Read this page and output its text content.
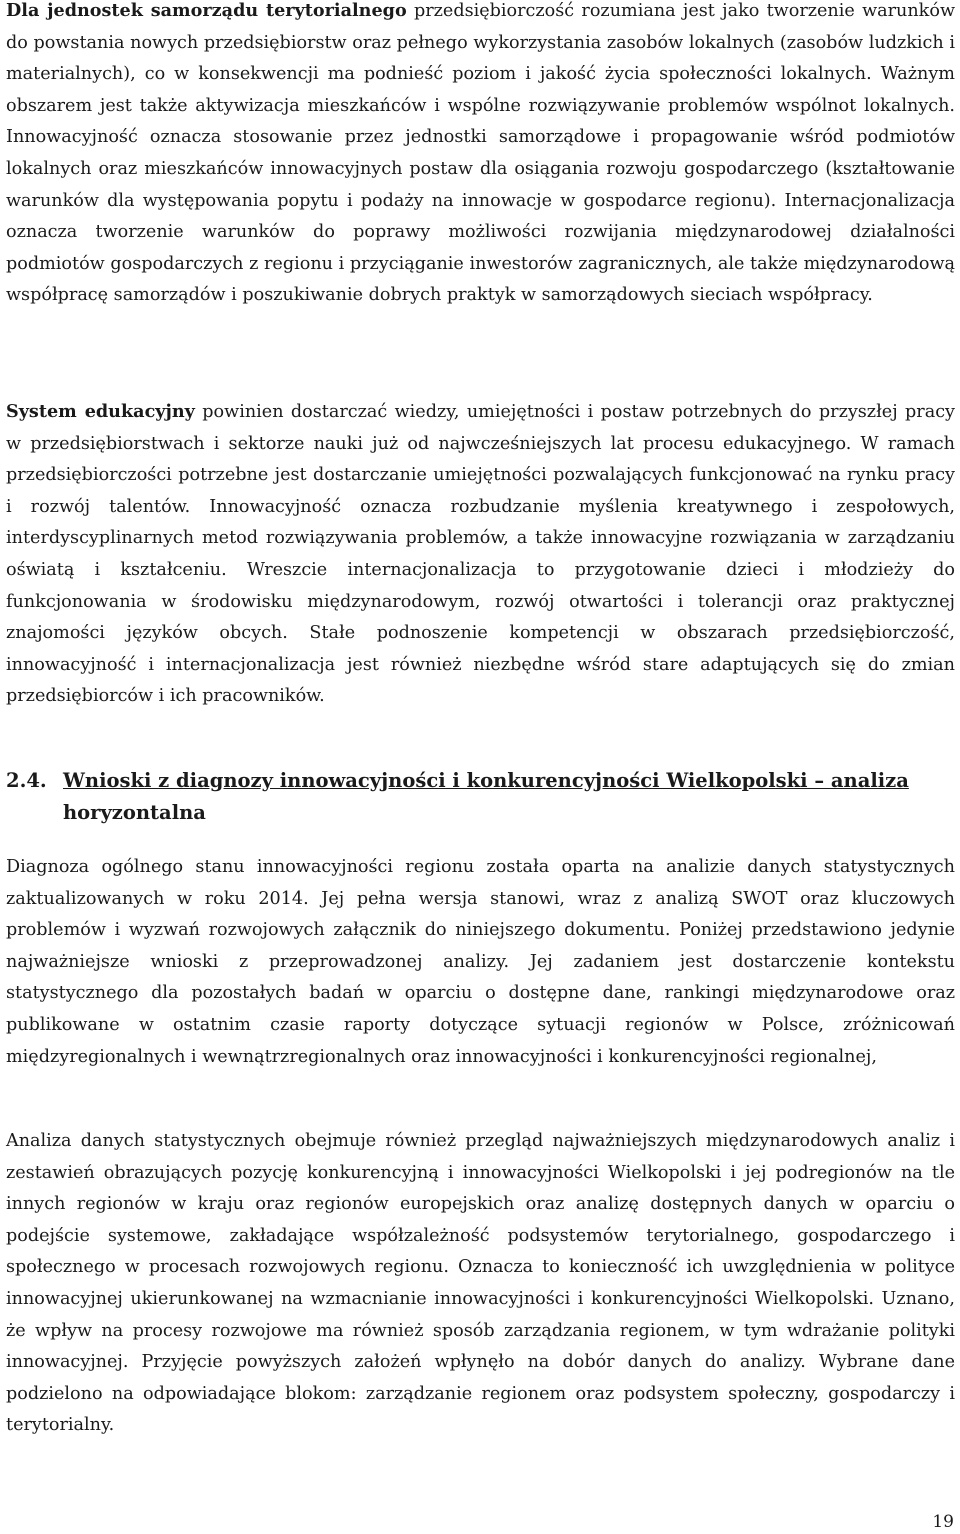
Dla jednostek samorządu terytorialnego przedsiębiorczość rozumiana jest jako tworzenie warunków do powstania nowych przedsiębiorstw oraz pełnego wykorzystania zasobów lokalnych (zasobów ludzkich i materialnych), co w konsekwencji ma podnieść poziom i jakość życia społeczności lokalnych. Ważnym obszarem jest także aktywizacja mieszkańców i wspólne rozwiązywanie problemów wspólnot lokalnych. Innowacyjność oznacza stosowanie przez jednostki samorządowe i propagowanie wśród podmiotów lokalnych oraz mieszkańców innowacyjnych postaw dla osiągania rozwoju gospodarczego (kształtowanie warunków dla występowania popytu i podaży na innowacje w gospodarce regionu). Internacjonalizacja oznacza tworzenie warunków do poprawy możliwości rozwijania międzynarodowej działalności podmiotów gospodarczych z regionu i przyciąganie inwestorów zagranicznych, ale także międzynarodową współpracę samorządów i poszukiwanie dobrych praktyk w samorządowych sieciach współpracy.

System edukacyjny powinien dostarczać wiedzy, umiejętności i postaw potrzebnych do przyszłej pracy w przedsiębiorstwach i sektorze nauki już od najwcześniejszych lat procesu edukacyjnego. W ramach przedsiębiorczości potrzebne jest dostarczanie umiejętności pozwalających funkcjonować na rynku pracy i rozwój talentów. Innowacyjność oznacza rozbudzanie myślenia kreatywnego i zespołowych, interdyscyplinarnych metod rozwiązywania problemów, a także innowacyjne rozwiązania w zarządzaniu oświatą i kształceniu. Wreszcie internacjonalizacja to przygotowanie dzieci i młodzieży do funkcjonowania w środowisku międzynarodowym, rozwój otwartości i tolerancji oraz praktycznej znajomości języków obcych. Stałe podnoszenie kompetencji w obszarach przedsiębiorczość, innowacyjność i internacjonalizacja jest również niezbędne wśród stare adaptujących się do zmian przedsiębiorców i ich pracowników.

2.4. Wnioski z diagnozy innowacyjności i konkurencyjności Wielkopolski – analiza
horyzontalna

Diagnoza ogólnego stanu innowacyjności regionu została oparta na analizie danych statystycznych zaktualizowanych w roku 2014. Jej pełna wersja stanowi, wraz z analizą SWOT oraz kluczowych problemów i wyzwań rozwojowych załącznik do niniejszego dokumentu. Poniżej przedstawiono jedynie najważniejsze wnioski z przeprowadzonej analizy. Jej zadaniem jest dostarczenie kontekstu statystycznego dla pozostałych badań w oparciu o dostępne dane, rankingi międzynarodowe oraz publikowane w ostatnim czasie raporty dotyczące sytuacji regionów w Polsce, zróżnicowań międzyregionalnych i wewnątrzregionalnych oraz innowacyjności i konkurencyjności regionalnej,

Analiza danych statystycznych obejmuje również przegląd najważniejszych międzynarodowych analiz i zestawień obrazujących pozycję konkurencyjną i innowacyjności Wielkopolski i jej podregionów na tle innych regionów w kraju oraz regionów europejskich oraz analizę dostępnych danych w oparciu o podejście systemowe, zakładające współzależność podsystemów terytorialnego, gospodarczego i społecznego w procesach rozwojowych regionu. Oznacza to konieczność ich uwzględnienia w polityce innowacyjnej ukierunkowanej na wzmacnianie innowacyjności i konkurencyjności Wielkopolski. Uznano, że wpływ na procesy rozwojowe ma również sposób zarządzania regionem, w tym wdrażanie polityki innowacyjnej. Przyjęcie powyższych założeń wpłynęło na dobór danych do analizy. Wybrane dane podzielono na odpowiadające blokom: zarządzanie regionem oraz podsystem społeczny, gospodarczy i terytorialny.

19
